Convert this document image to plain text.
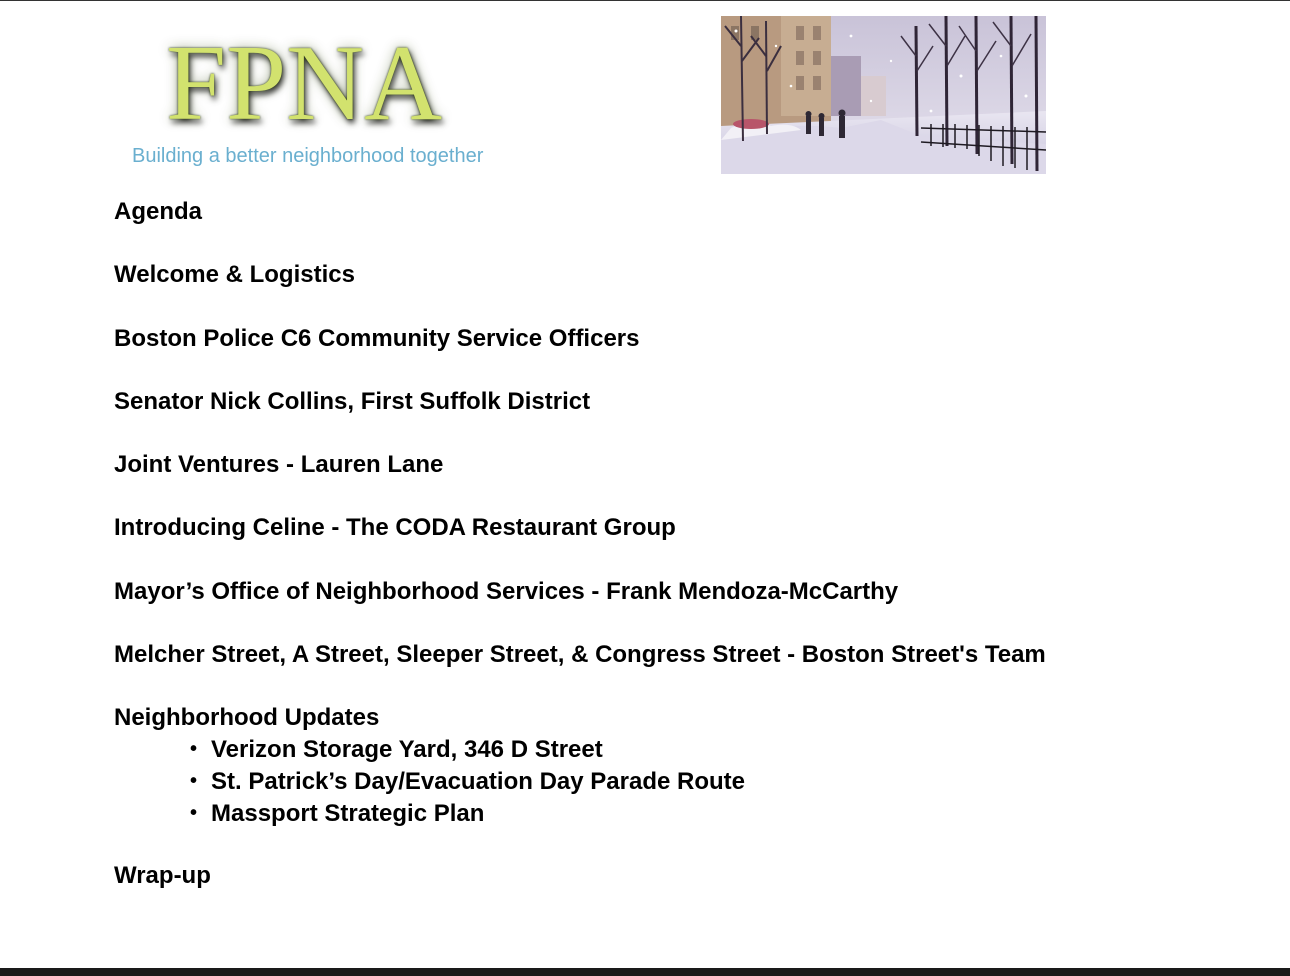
FPNA
Building a better neighborhood together
Agenda
Welcome & Logistics
Boston Police C6 Community Service Officers
Senator Nick Collins, First Suffolk District
Joint Ventures - Lauren Lane
Introducing Celine - The CODA Restaurant Group
Mayor’s Office of Neighborhood Services - Frank Mendoza-McCarthy
Melcher Street, A Street, Sleeper Street, & Congress Street - Boston Street's Team
Neighborhood Updates
• Verizon Storage Yard, 346 D Street
• St. Patrick’s Day/Evacuation Day Parade Route
• Massport Strategic Plan
Wrap-up
